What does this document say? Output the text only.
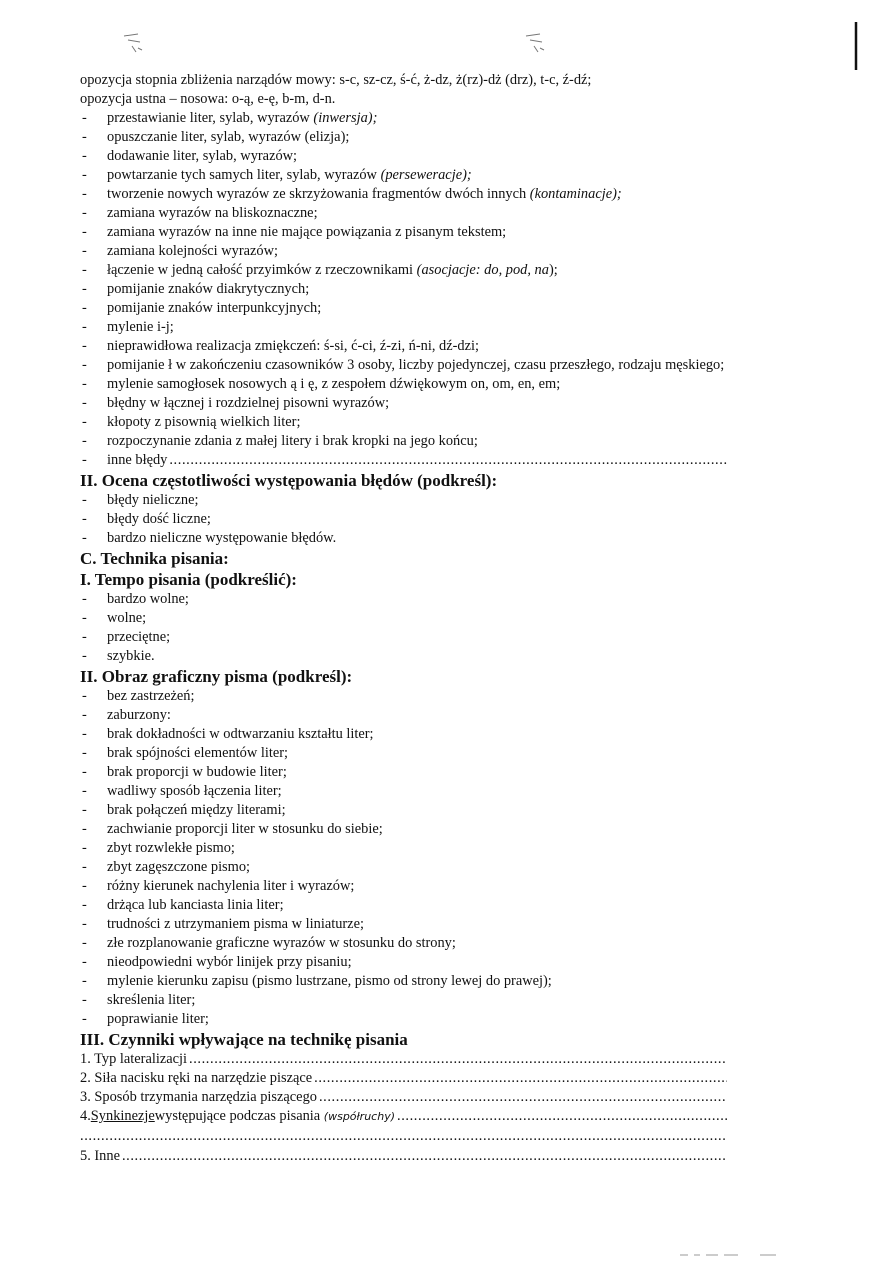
opozycja stopnia zbliżenia narządów mowy: s-c, sz-cz, ś-ć, ż-dz, ż(rz)-dż (drz), t-c, ź-dź;
opozycja ustna – nosowa: o-ą, e-ę, b-m, d-n.
- przestawianie liter, sylab, wyrazów (inwersja);
- opuszczanie liter, sylab, wyrazów (elizja);
- dodawanie liter, sylab, wyrazów;
- powtarzanie tych samych liter, sylab, wyrazów (perseweracje);
- tworzenie nowych wyrazów ze skrzyżowania fragmentów dwóch innych (kontaminacje);
- zamiana wyrazów na bliskoznaczne;
- zamiana wyrazów na inne nie mające powiązania z pisanym tekstem;
- zamiana kolejności wyrazów;
- łączenie w jedną całość przyimków z rzeczownikami (asocjacje: do, pod, na);
- pomijanie znaków diakrytycznych;
- pomijanie znaków interpunkcyjnych;
- mylenie i-j;
- nieprawidłowa realizacja zmiękczeń: ś-si, ć-ci, ź-zi, ń-ni, dź-dzi;
- pomijanie ł w zakończeniu czasowników 3 osoby, liczby pojedynczej, czasu przeszłego, rodzaju męskiego;
- mylenie samogłosek nosowych ą i ę, z zespołem dźwiękowym on, om, en, em;
- błędny w łącznej i rozdzielnej pisowni wyrazów;
- kłopoty z pisownią wielkich liter;
- rozpoczynanie zdania z małej litery i brak kropki na jego końcu;
- inne błędy
.....
II. Ocena częstotliwości występowania błędów (podkreśl):
- błędy nieliczne;
- błędy dość liczne;
- bardzo nieliczne występowanie błędów.
C. Technika pisania:
I. Tempo pisania (podkreślić):
- bardzo wolne;
- wolne;
- przeciętne;
- szybkie.
II. Obraz graficzny pisma (podkreśl):
- bez zastrzeżeń;
- zaburzony:
- brak dokładności w odtwarzaniu kształtu liter;
- brak spójności elementów liter;
- brak proporcji w budowie liter;
- wadliwy sposób łączenia liter;
- brak połączeń między literami;
- zachwianie proporcji liter w stosunku do siebie;
- zbyt rozwlekłe pismo;
- zbyt zagęszczone pismo;
- różny kierunek nachylenia liter i wyrazów;
- drżąca lub kanciasta linia liter;
- trudności z utrzymaniem pisma w liniaturze;
- złe rozplanowanie graficzne wyrazów w stosunku do strony;
- nieodpowiedni wybór linijek przy pisaniu;
- mylenie kierunku zapisu (pismo lustrzane, pismo od strony lewej do prawej);
- skreślenia liter;
- poprawianie liter;
III. Czynniki wpływające na technikę pisania
1. Typ lateralizacji
.....
2. Siła nacisku ręki na narzędzie piszące
.....
3. Sposób trzymania narzędzia piszącego
.....
4. Synkinezje występujące podczas pisania
(współruchy)
.....
.....
5. Inne
.....
